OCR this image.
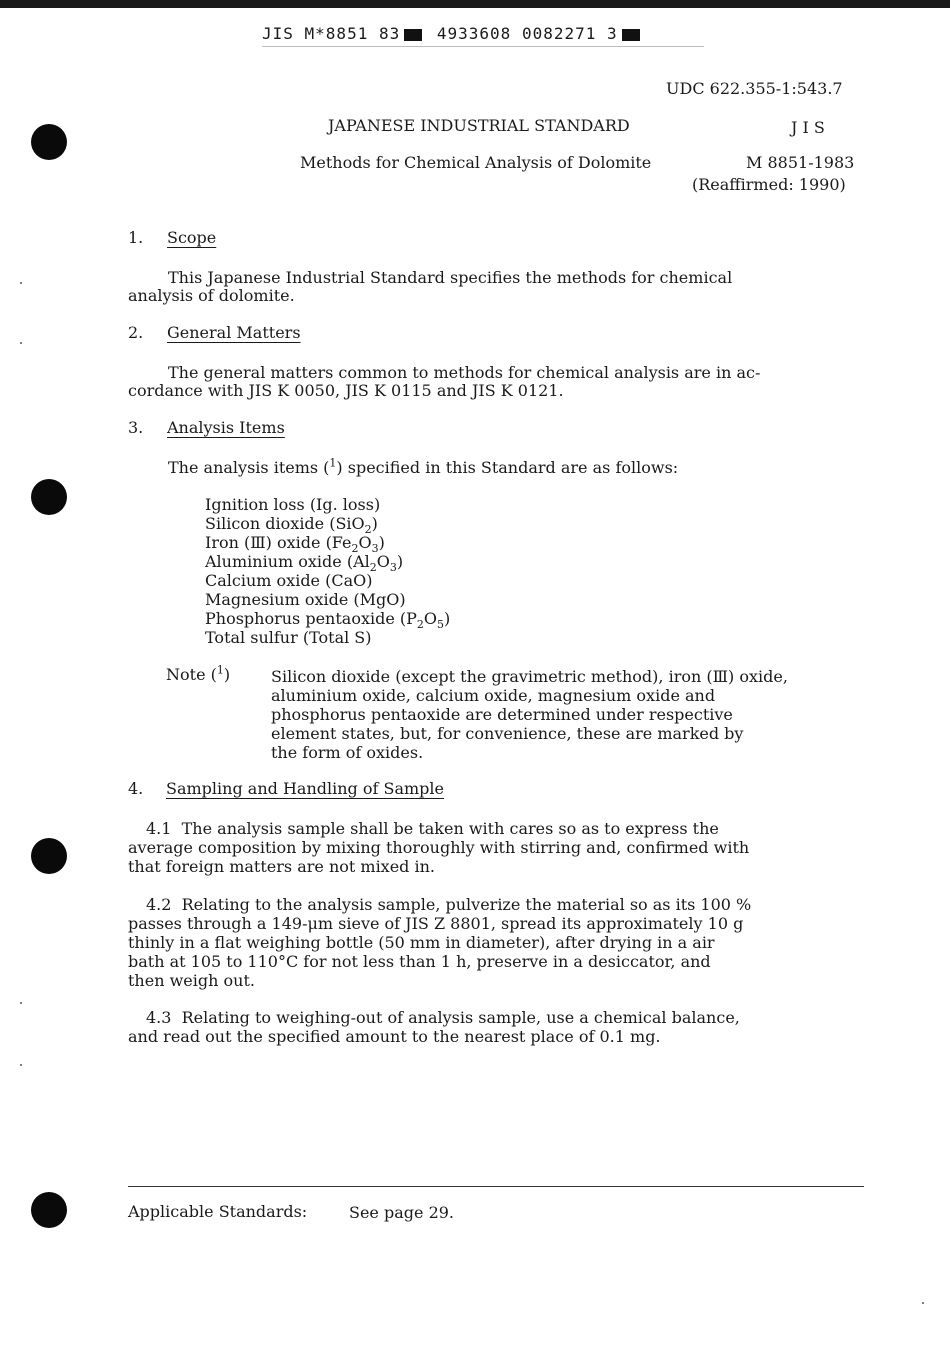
JIS M*8851 83 4933608 0082271 3
UDC 622.355-1:543.7
JAPANESE INDUSTRIAL STANDARD	J I S
Methods for Chemical Analysis of Dolomite	M 8851-1983
(Reaffirmed: 1990)
1. Scope
This Japanese Industrial Standard specifies the methods for chemical
analysis of dolomite.
2. General Matters
The general matters common to methods for chemical analysis are in ac-
cordance with JIS K 0050, JIS K 0115 and JIS K 0121.
3. Analysis Items
The analysis items ($^1$) specified in this Standard are as follows:
Ignition loss (Ig. loss)
Silicon dioxide (SiO$_2$)
Iron (Ⅲ) oxide $(Fe_2O_3)$
Aluminium oxide $(Al_2O_3)$
Calcium oxide (CaO)
Magnesium oxide (MgO)
Phosphorus pentaoxide $(P_2O_5)$
Total sulfur (Total S)
Note ($^1$)	Silicon dioxide (except the gravimetric method), iron (Ⅲ) oxide,
aluminium oxide, calcium oxide, magnesium oxide and
phosphorus pentaoxide are determined under respective
element states, but, for convenience, these are marked by
the form of oxides.
4. Sampling and Handling of Sample
4.1  The analysis sample shall be taken with cares so as to express the
average composition by mixing thoroughly with stirring and, confirmed with
that foreign matters are not mixed in.
4.2  Relating to the analysis sample, pulverize the material so as its 100 %
passes through a 149-μm sieve of JIS Z 8801, spread its approximately 10 g
thinly in a flat weighing bottle (50 mm in diameter), after drying in a air
bath at 105 to 110°C for not less than 1 h, preserve in a desiccator, and
then weigh out.
4.3  Relating to weighing-out of analysis sample, use a chemical balance,
and read out the specified amount to the nearest place of 0.1 mg.
Applicable Standards:	See page 29.
